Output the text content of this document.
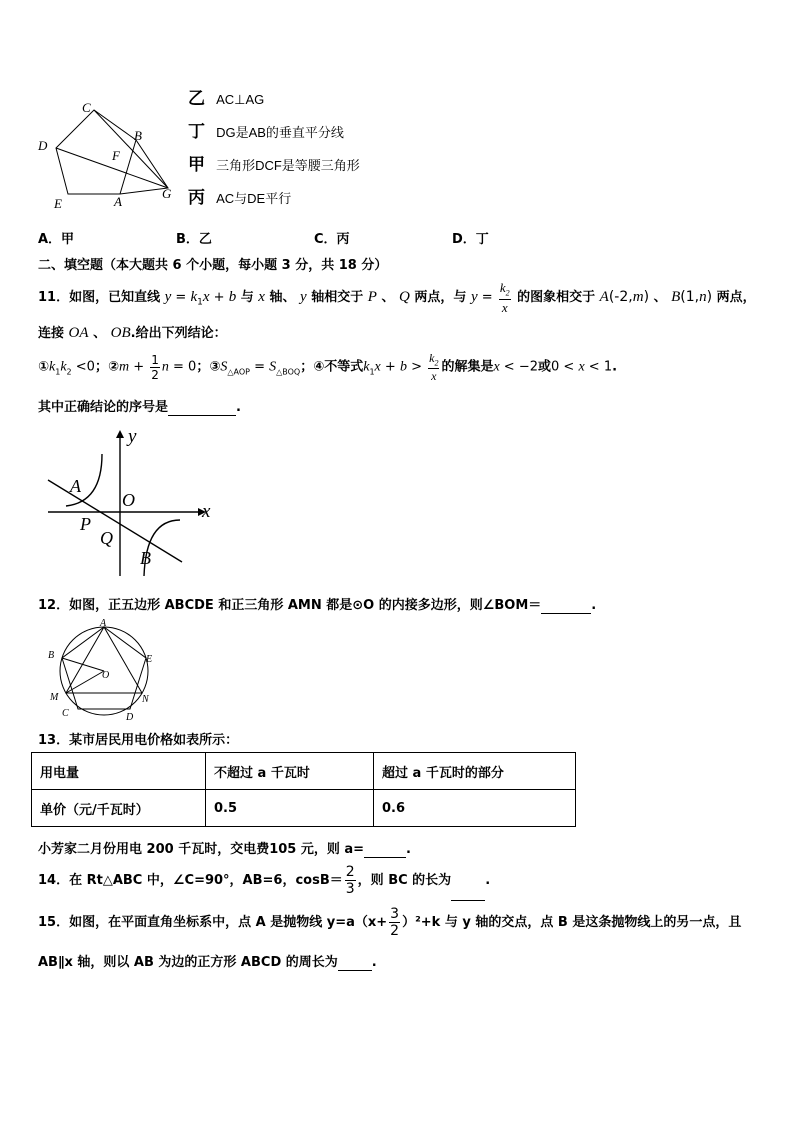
C
B
D
F
E	A
G
乙 AC⊥AG
丁 DG是AB的垂直平分线
甲 三角形DCF是等腰三角形
丙 AC与DE平行
A．甲	B．乙	C．丙	D．丁
二、填空题（本大题共 6 个小题，每小题 3 分，共 18 分）
11．如图，已知直线 $y = k_1x + b$ 与 x 轴、 y 轴相交于 P 、 Q 两点，与 $y = \frac{k_2}{x}$ 的图象相交于 A(-2,m) 、 B(1,n) 两点，
连接 OA 、 OB.给出下列结论：
$①k_1k_2 <0$；②m + $\frac{1}{2}$ n = 0；$③S_{\triangle AOP} = S_{\triangle BOQ}$；④不等式$k_1x + b > \frac{k_2}{x}$ 的解集是x < −2或0 < x < 1.
其中正确结论的序号是	.
y
x
A
O
P
Q
B
12．如图，正五边形 ABCDE 和正三角形 AMN 都是⊙O 的内接多边形，则∠BOM＝	.
A
B	E
O
M	N
C	D
13．某市居民用电价格如表所示：
用电量	不超过 a 千瓦时	超过 a 千瓦时的部分
单价（元/千瓦时）	0.5	0.6
小芳家二月份用电 200 千瓦时，交电费105 元，则 a=	.
14．在 Rt△ABC 中，∠C=90°，AB=6，$\cos B= \frac{2}{3}$ ，则 BC 的长为	.
15．如图，在平面直角坐标系中，点 A 是抛物线 $y=a(x+ \frac{3}{2} )^2+k$ 与 y 轴的交点，点 B 是这条抛物线上的另一点，且
AB∥x 轴，则以 AB 为边的正方形 ABCD 的周长为	.
